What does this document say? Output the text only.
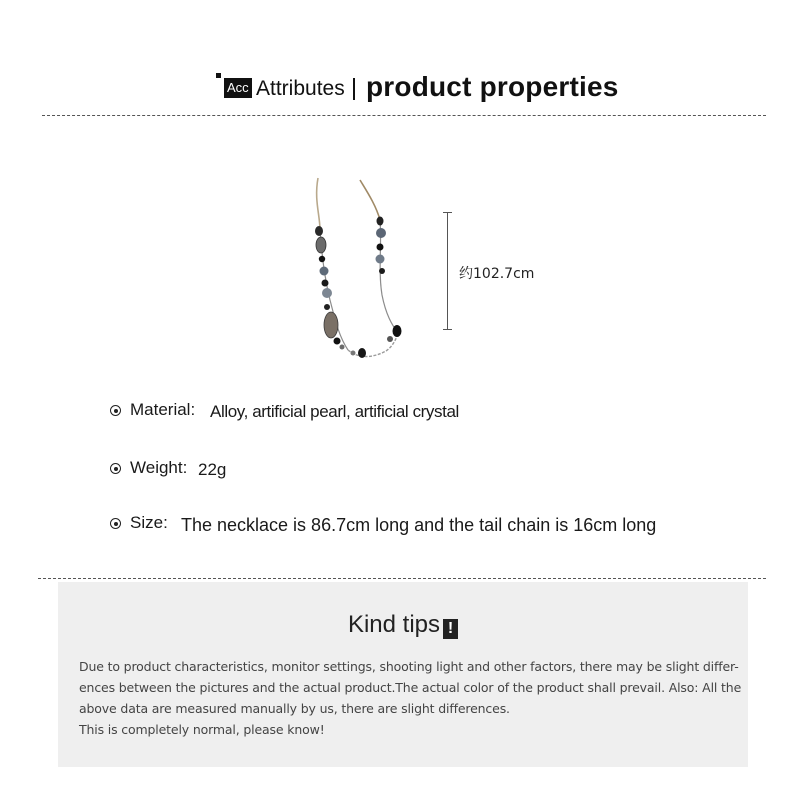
Acc Attributes product properties
约102.7cm
Material: Alloy, artificial pearl, artificial crystal
Weight: 22g
Size: The necklace is 86.7cm long and the tail chain is 16cm long
Kind tips !
Due to product characteristics, monitor settings, shooting light and other factors, there may be slight differ-
ences between the pictures and the actual product.The actual color of the product shall prevail. Also: All the
above data are measured manually by us, there are slight differences.
This is completely normal, please know!
